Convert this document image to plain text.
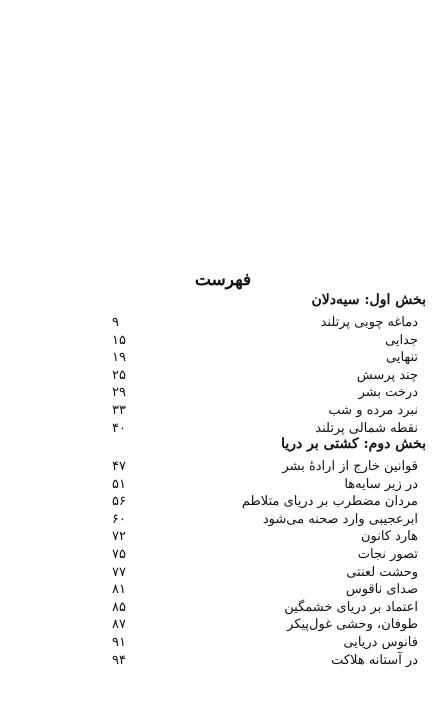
فهرست
بخش اول: سیه‌دلان
دماغه چوبی پرتلند
۹
جدایی
۱۵
تنهایی
۱۹
چند پرسش
۲۵
درخت بشر
۲۹
نبرد مرده و شب
۳۳
نقطه شمالی پرتلند
۴۰
بخش دوم: کشتی بر دریا
قوانین خارج از ارادهٔ بشر
۴۷
در زیر سایه‌ها
۵۱
مردان مضطرب بر دریای متلاطم
۵۶
ابرعجیبی وارد صحنه می‌شود
۶۰
هارد کانون
۷۲
تصور نجات
۷۵
وحشت لعنتی
۷۷
صدای ناقوس
۸۱
اعتماد بر دریای خشمگین
۸۵
طوفان، وحشی غول‌پیکر
۸۷
فانوس دریایی
۹۱
در آستانه هلاکت
۹۴
